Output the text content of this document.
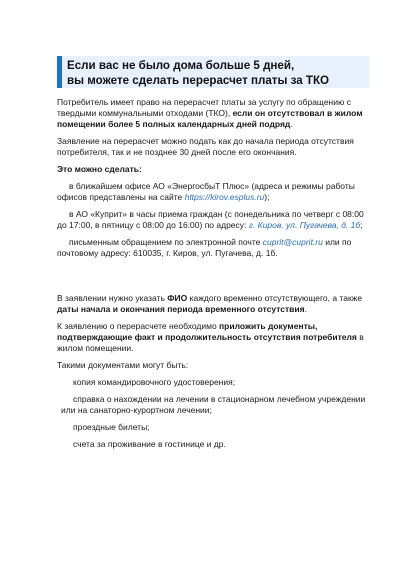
Если вас не было дома больше 5 дней,
вы можете сделать перерасчет платы за ТКО

Потребитель имеет право на перерасчет платы за услугу по обращению с твердыми коммунальными отходами (ТКО), если он отсутствовал в жилом помещении более 5 полных календарных дней подряд.

Заявление на перерасчет можно подать как до начала периода отсутствия потребителя, так и не позднее 30 дней после его окончания.

Это можно сделать:

в ближайшем офисе АО «ЭнергосбыТ Плюс» (адреса и режимы работы офисов представлены на сайте https://kirov.esplus.ru);

в АО «Куприт» в часы приема граждан (с понедельника по четверг с 08:00 до 17:00, в пятницу с 08:00 до 16:00) по адресу: г. Киров, ул. Пугачева, д. 1б;

письменным обращением по электронной почте cuprit@cuprit.ru или по почтовому адресу: 610035, г. Киров, ул. Пугачева, д. 1б.

В заявлении нужно указать ФИО каждого временно отсутствующего, а также даты начала и окончания периода временного отсутствия.

К заявлению о перерасчете необходимо приложить документы, подтверждающие факт и продолжительность отсутствия потребителя в жилом помещении.

Такими документами могут быть:

копия командировочного удостоверения;

справка о нахождении на лечении в стационарном лечебном учреждении или на санаторно-курортном лечении;

проездные билеты;

счета за проживание в гостинице и др.
